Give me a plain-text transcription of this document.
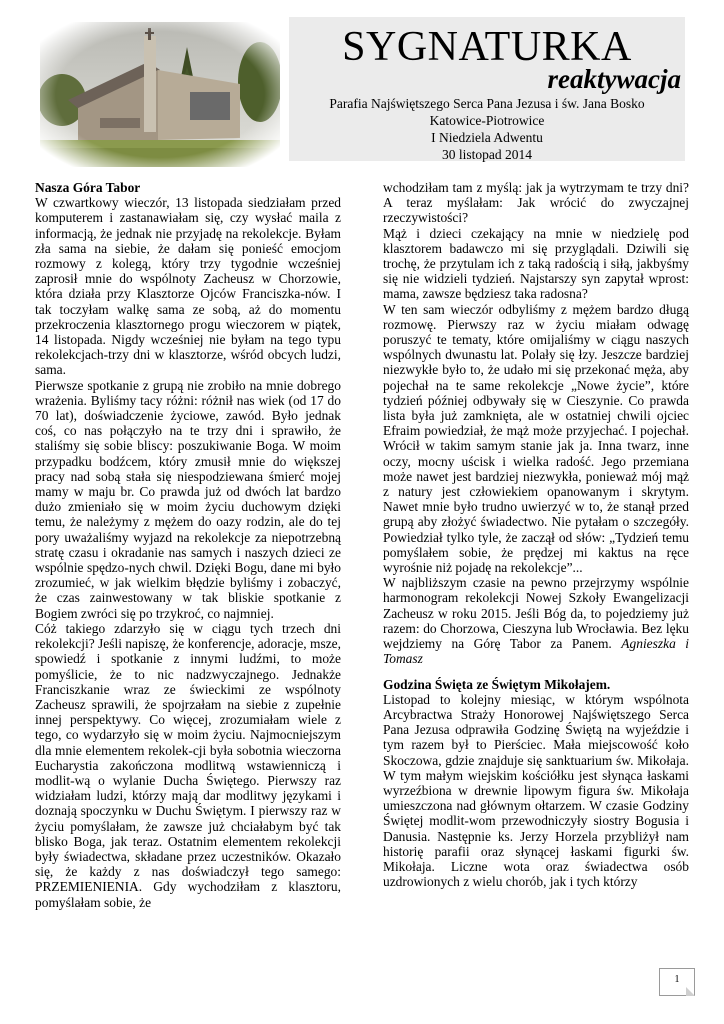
SYGNATURKA
reaktywacja
Parafia Najświętszego Serca Pana Jezusa i św. Jana Bosko
Katowice-Piotrowice
I Niedziela Adwentu
30 listopad 2014

Nasza Góra Tabor

W czwartkowy wieczór, 13 listopada siedziałam przed komputerem i zastanawiałam się, czy wysłać maila z informacją, że jednak nie przyjadę na rekolekcje. Byłam zła sama na siebie, że dałam się ponieść emocjom rozmowy z kolegą, który trzy tygodnie wcześniej zaprosił mnie do wspólnoty Zacheusz w Chorzowie, która działa przy Klasztorze Ojców Franciszka-nów. I tak toczyłam walkę sama ze sobą, aż do momentu przekroczenia klasztornego progu wieczorem w piątek, 14 listopada. Nigdy wcześniej nie byłam na tego typu rekolekcjach-trzy dni w klasztorze, wśród obcych ludzi, sama.

Pierwsze spotkanie z grupą nie zrobiło na mnie dobrego wrażenia. Byliśmy tacy różni: różnił nas wiek (od 17 do 70 lat), doświadczenie życiowe, zawód. Było jednak coś, co nas połączyło na te trzy dni i sprawiło, że staliśmy się sobie bliscy: poszukiwanie Boga. W moim przypadku bodźcem, który zmusił mnie do większej pracy nad sobą stała się niespodziewana śmierć mojej mamy w maju br. Co prawda już od dwóch lat bardzo dużo zmieniało się w moim życiu duchowym dzięki temu, że należymy z mężem do oazy rodzin, ale do tej pory uważaliśmy wyjazd na rekolekcje za niepotrzebną stratę czasu i okradanie nas samych i naszych dzieci ze wspólnie spędzo-nych chwil. Dzięki Bogu, dane mi było zrozumieć, w jak wielkim błędzie byliśmy i zobaczyć, że czas zainwestowany w tak bliskie spotkanie z Bogiem zwróci się po trzykroć, co najmniej.

Cóż takiego zdarzyło się w ciągu tych trzech dni rekolekcji? Jeśli napiszę, że konferencje, adoracje, msze, spowiedź i spotkanie z innymi ludźmi, to może pomyślicie, że to nic nadzwyczajnego. Jednakże Franciszkanie wraz ze świeckimi ze wspólnoty Zacheusz sprawili, że spojrzałam na siebie z zupełnie innej perspektywy. Co więcej, zrozumiałam wiele z tego, co wydarzyło się w moim życiu. Najmocniejszym dla mnie elementem rekolek-cji była sobotnia wieczorna Eucharystia zakończona modlitwą wstawienniczą i modlit-wą o wylanie Ducha Świętego. Pierwszy raz widziałam ludzi, którzy mają dar modlitwy językami i doznają spoczynku w Duchu Świętym. I pierwszy raz w życiu pomyślałam, że zawsze już chciałabym być tak blisko Boga, jak teraz. Ostatnim elementem rekolekcji były świadectwa, składane przez uczestników. Okazało się, że każdy z nas doświadczył tego samego: PRZEMIENIENIA. Gdy wychodziłam z klasztoru, pomyślałam sobie, że

wchodziłam tam z myślą: jak ja wytrzymam te trzy dni? A teraz myślałam: Jak wrócić do zwyczajnej rzeczywistości?

Mąż i dzieci czekający na mnie w niedzielę pod klasztorem badawczo mi się przyglądali. Dziwili się trochę, że przytulam ich z taką radością i siłą, jakbyśmy się nie widzieli tydzień. Najstarszy syn zapytał wprost: mama, zawsze będziesz taka radosna?

W ten sam wieczór odbyliśmy z mężem bardzo długą rozmowę. Pierwszy raz w życiu miałam odwagę poruszyć te tematy, które omijaliśmy w ciągu naszych wspólnych dwunastu lat. Polały się łzy. Jeszcze bardziej niezwykłe było to, że udało mi się przekonać męża, aby pojechał na te same rekolekcje „Nowe życie”, które tydzień później odbywały się w Cieszynie. Co prawda lista była już zamknięta, ale w ostatniej chwili ojciec Efraim powiedział, że mąż może przyjechać. I pojechał. Wrócił w takim samym stanie jak ja. Inna twarz, inne oczy, mocny uścisk i wielka radość. Jego przemiana może nawet jest bardziej niezwykła, ponieważ mój mąż z natury jest człowiekiem opanowanym i skrytym. Nawet mnie było trudno uwierzyć w to, że stanął przed grupą aby złożyć świadectwo. Nie pytałam o szczegóły. Powiedział tylko tyle, że zaczął od słów: „Tydzień temu pomyślałem sobie, że prędzej mi kaktus na ręce wyrośnie niż pojadę na rekolekcje”...

W najbliższym czasie na pewno przejrzymy wspólnie harmonogram rekolekcji Nowej Szkoły Ewangelizacji Zacheusz w roku 2015. Jeśli Bóg da, to pojedziemy już razem: do Chorzowa, Cieszyna lub Wrocławia. Bez lęku wejdziemy na Górę Tabor za Panem. Agnieszka i Tomasz

Godzina Święta ze Świętym Mikołajem.

Listopad to kolejny miesiąc, w którym wspólnota Arcybractwa Straży Honorowej Najświętszego Serca Pana Jezusa odprawiła Godzinę Świętą na wyjeździe i tym razem był to Pierściec. Mała miejscowość koło Skoczowa, gdzie znajduje się sanktuarium św. Mikołaja. W tym małym wiejskim kościółku jest słynąca łaskami wyrzeźbiona w drewnie lipowym figura św. Mikołaja umieszczona nad głównym ołtarzem. W czasie Godziny Świętej modlit-wom przewodniczyły siostry Bogusia i Danusia. Następnie ks. Jerzy Horzela przybliżył nam historię parafii oraz słynącej łaskami figurki św. Mikołaja. Liczne wota oraz świadectwa osób uzdrowionych z wielu chorób, jak i tych którzy

1
